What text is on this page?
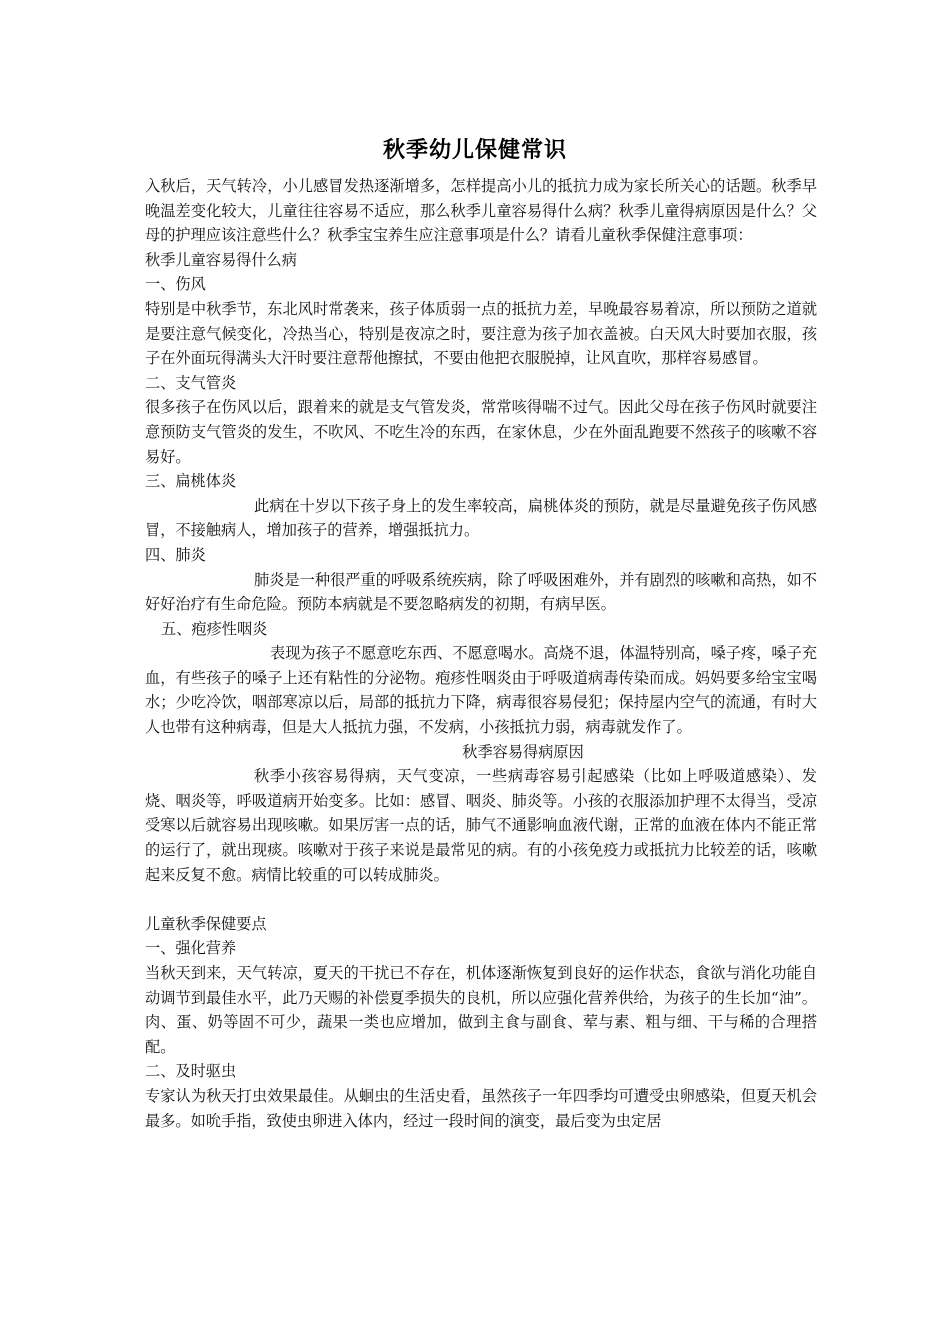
秋季幼儿保健常识

入秋后，天气转冷，小儿感冒发热逐渐增多，怎样提高小儿的抵抗力成为家长所关心的话题。秋季早晚温差变化较大，儿童往往容易不适应，那么秋季儿童容易得什么病？秋季儿童得病原因是什么？父母的护理应该注意些什么？秋季宝宝养生应注意事项是什么？请看儿童秋季保健注意事项：

秋季儿童容易得什么病

一、伤风

特别是中秋季节，东北风时常袭来，孩子体质弱一点的抵抗力差，早晚最容易着凉，所以预防之道就是要注意气候变化，冷热当心，特别是夜凉之时，要注意为孩子加衣盖被。白天风大时要加衣服，孩子在外面玩得满头大汗时要注意帮他擦拭，不要由他把衣服脱掉，让风直吹，那样容易感冒。

二、支气管炎

很多孩子在伤风以后，跟着来的就是支气管发炎，常常咳得喘不过气。因此父母在孩子伤风时就要注意预防支气管炎的发生，不吹风、不吃生冷的东西，在家休息，少在外面乱跑要不然孩子的咳嗽不容易好。

三、扁桃体炎

此病在十岁以下孩子身上的发生率较高，扁桃体炎的预防，就是尽量避免孩子伤风感冒，不接触病人，增加孩子的营养，增强抵抗力。

四、肺炎

肺炎是一种很严重的呼吸系统疾病，除了呼吸困难外，并有剧烈的咳嗽和高热，如不好好治疗有生命危险。预防本病就是不要忽略病发的初期，有病早医。

五、疱疹性咽炎

表现为孩子不愿意吃东西、不愿意喝水。高烧不退，体温特别高，嗓子疼，嗓子充血，有些孩子的嗓子上还有粘性的分泌物。疱疹性咽炎由于呼吸道病毒传染而成。妈妈要多给宝宝喝水；少吃冷饮，咽部寒凉以后，局部的抵抗力下降，病毒很容易侵犯；保持屋内空气的流通，有时大人也带有这种病毒，但是大人抵抗力强，不发病，小孩抵抗力弱，病毒就发作了。

秋季容易得病原因

秋季小孩容易得病，天气变凉，一些病毒容易引起感染（比如上呼吸道感染）、发烧、咽炎等，呼吸道病开始变多。比如：感冒、咽炎、肺炎等。小孩的衣服添加护理不太得当，受凉受寒以后就容易出现咳嗽。如果厉害一点的话，肺气不通影响血液代谢，正常的血液在体内不能正常的运行了，就出现痰。咳嗽对于孩子来说是最常见的病。有的小孩免疫力或抵抗力比较差的话，咳嗽起来反复不愈。病情比较重的可以转成肺炎。

儿童秋季保健要点

一、强化营养

当秋天到来，天气转凉，夏天的干扰已不存在，机体逐渐恢复到良好的运作状态，食欲与消化功能自动调节到最佳水平，此乃天赐的补偿夏季损失的良机，所以应强化营养供给，为孩子的生长加“油”。肉、蛋、奶等固不可少，蔬果一类也应增加，做到主食与副食、荤与素、粗与细、干与稀的合理搭配。

二、及时驱虫

专家认为秋天打虫效果最佳。从蛔虫的生活史看，虽然孩子一年四季均可遭受虫卵感染，但夏天机会最多。如吮手指，致使虫卵进入体内，经过一段时间的演变，最后变为虫定居
